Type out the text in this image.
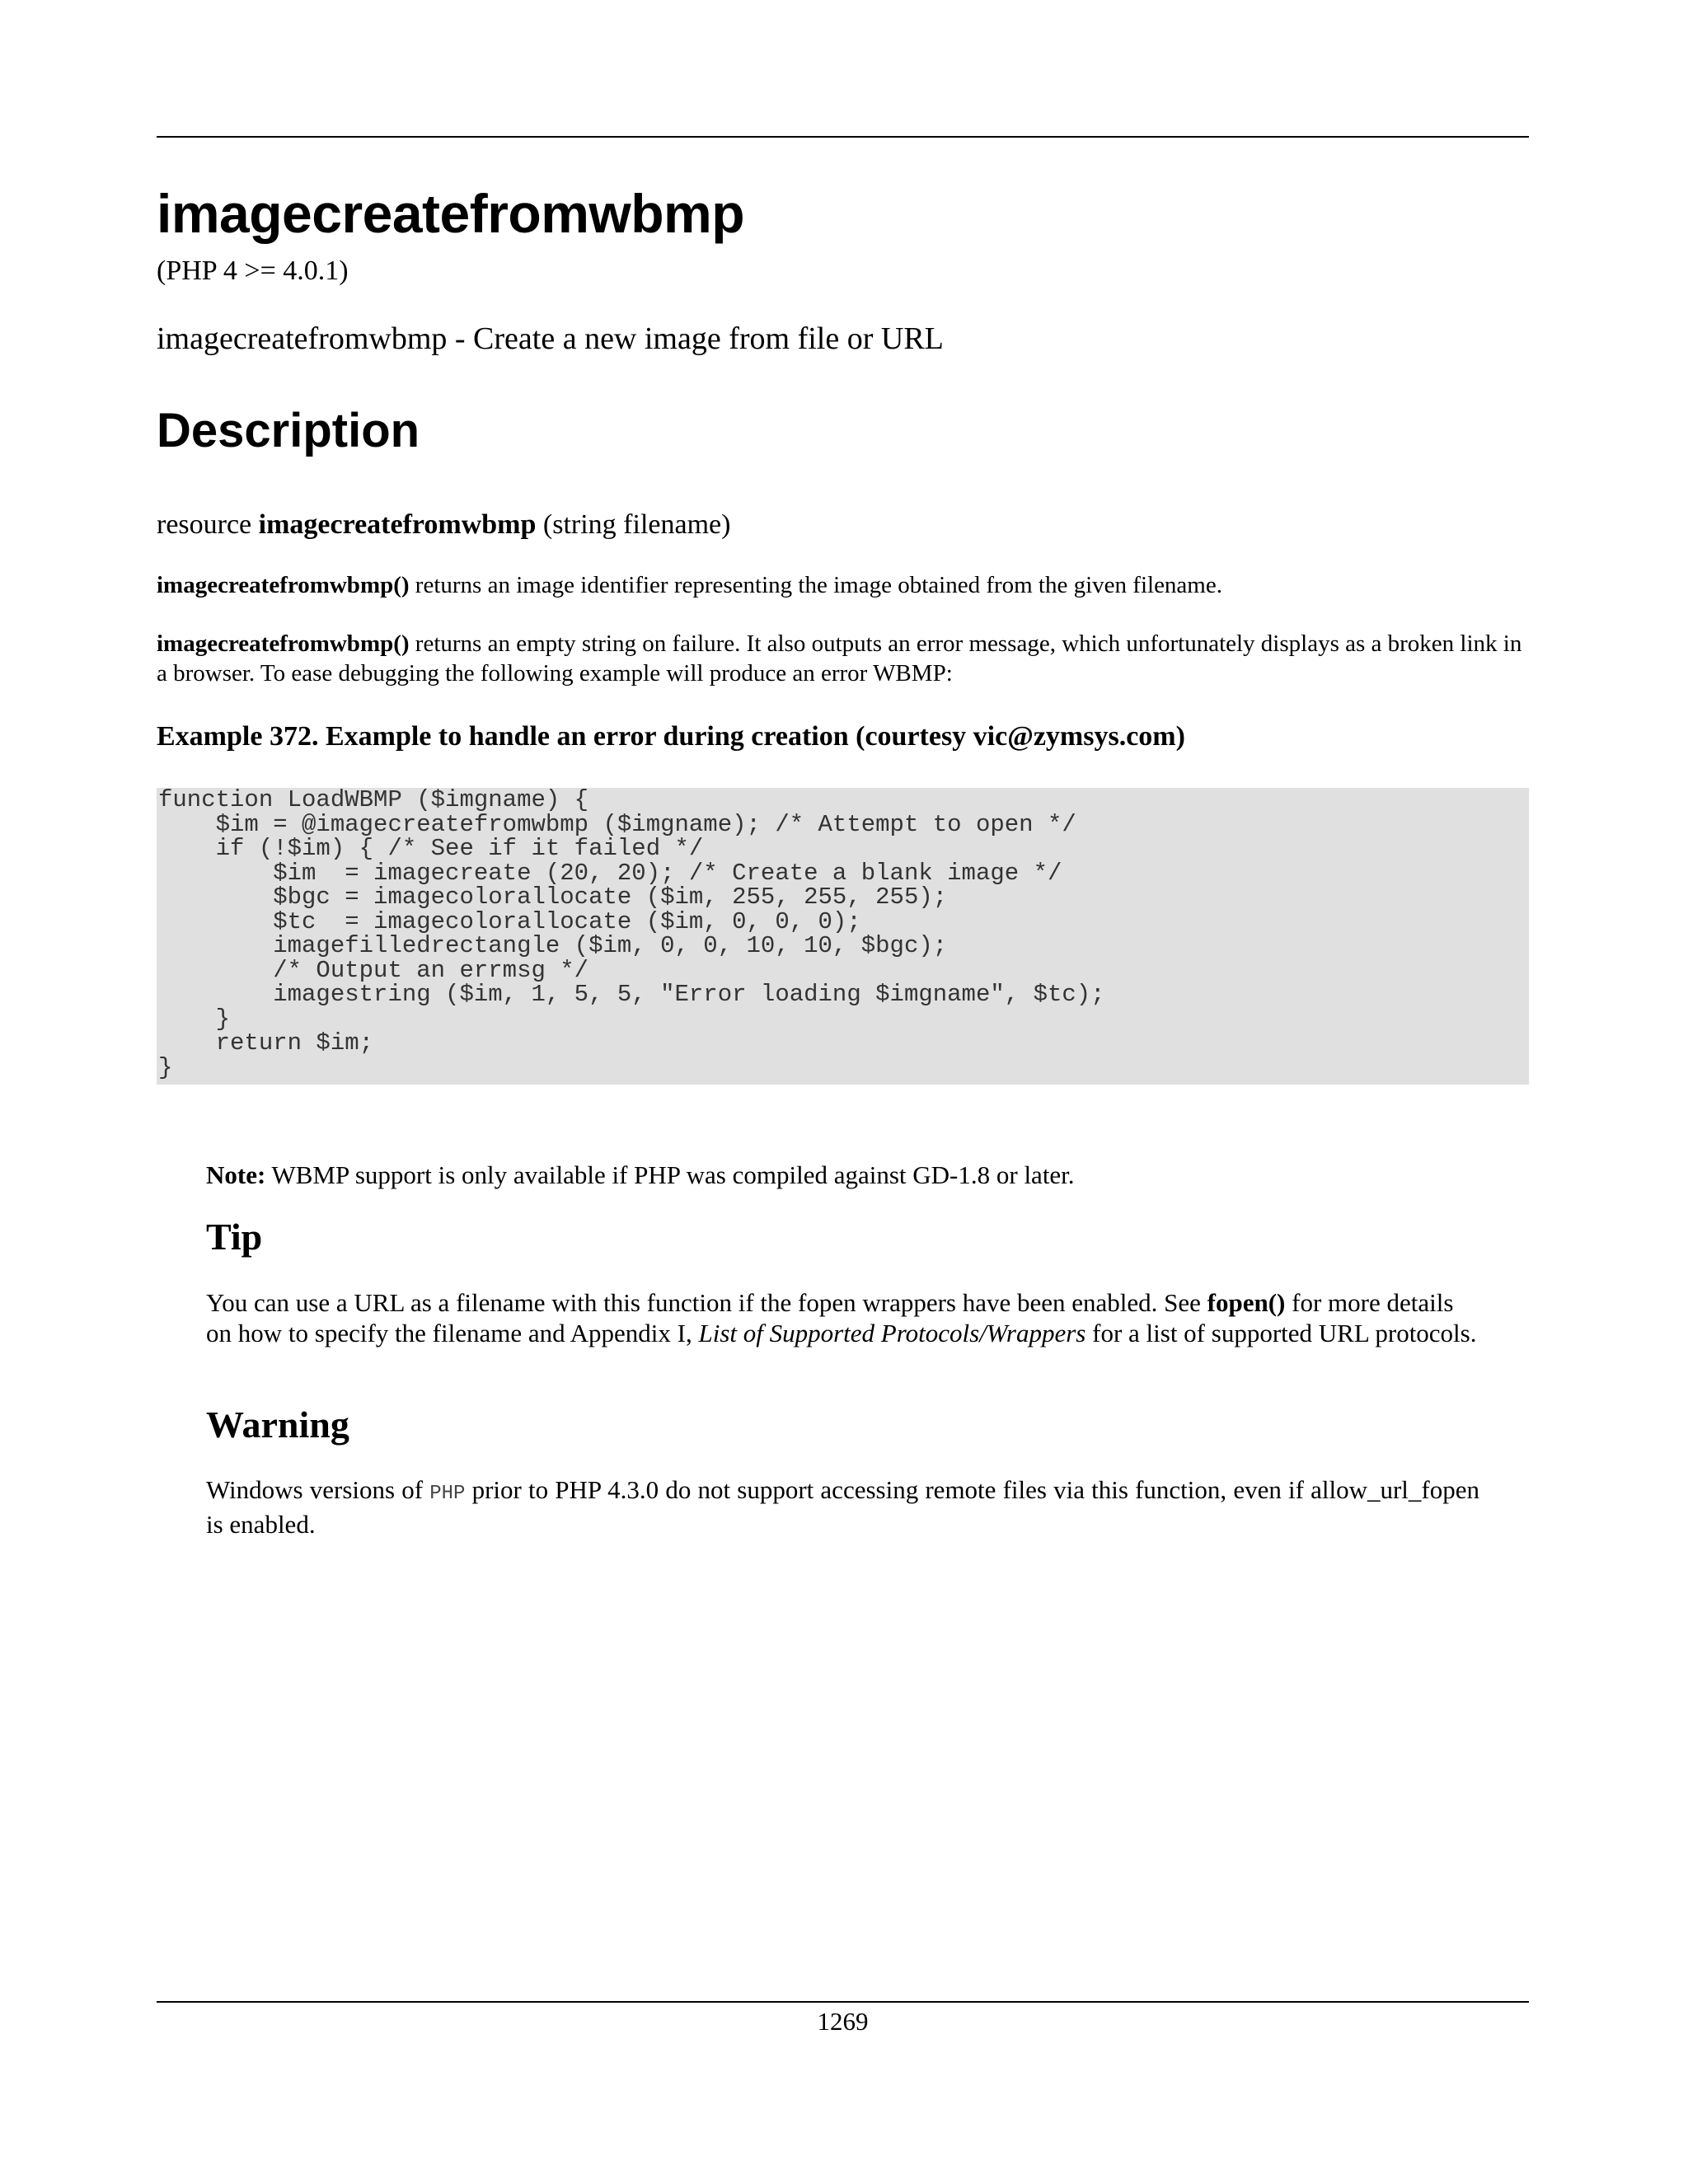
imagecreatefromwbmp
(PHP 4 >= 4.0.1)
imagecreatefromwbmp - Create a new image from file or URL
Description
resource imagecreatefromwbmp (string filename)

imagecreatefromwbmp() returns an image identifier representing the image obtained from the given filename.

imagecreatefromwbmp() returns an empty string on failure. It also outputs an error message, which unfortunately displays as a broken link in a browser. To ease debugging the following example will produce an error WBMP:

Example 372. Example to handle an error during creation (courtesy vic@zymsys.com)
function LoadWBMP ($imgname) {
$im = @imagecreatefromwbmp ($imgname); /* Attempt to open */
if (!$im) { /* See if it failed */
$im  = imagecreate (20, 20); /* Create a blank image */
$bgc = imagecolorallocate ($im, 255, 255, 255);
$tc  = imagecolorallocate ($im, 0, 0, 0);
imagefilledrectangle ($im, 0, 0, 10, 10, $bgc);
/* Output an errmsg */
imagestring ($im, 1, 5, 5, "Error loading $imgname", $tc);
}
return $im;
}
Note: WBMP support is only available if PHP was compiled against GD-1.8 or later.
Tip
You can use a URL as a filename with this function if the fopen wrappers have been enabled. See fopen() for more details on how to specify the filename and Appendix I, List of Supported Protocols/Wrappers for a list of supported URL protocols.
Warning
Windows versions of PHP prior to PHP 4.3.0 do not support accessing remote files via this function, even if allow_url_fopen is enabled.
1269
